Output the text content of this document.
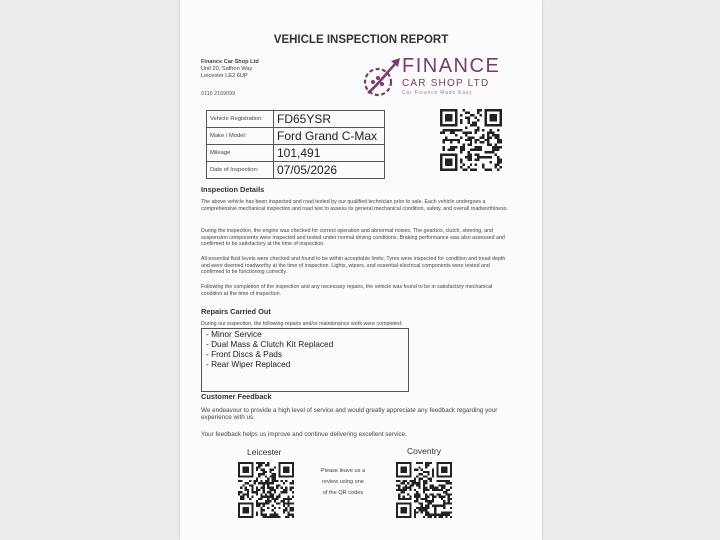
VEHICLE INSPECTION REPORT
Finance Car Shop Ltd
Unit 20, Saffron Way
Leicester LE2 6UP
0116 2169099
FINANCE
CAR SHOP LTD
Car Finance Made Easy
Vehicle Registration:	FD65YSR
Make / Model:	Ford Grand C-Max
Mileage	101,491
Date of Inspection:	07/05/2026
Inspection Details
The above vehicle has been inspected and road tested by our qualified technician prior to sale. Each vehicle undergoes a comprehensive mechanical inspection and road test to assess its general mechanical condition, safety, and overall roadworthiness.
During the inspection, the engine was checked for correct operation and abnormal noises. The gearbox, clutch, steering, and suspension components were inspected and tested under normal driving conditions. Braking performance was also assessed and confirmed to be satisfactory at the time of inspection.
All essential fluid levels were checked and found to be within acceptable limits. Tyres were inspected for condition and tread depth and were deemed roadworthy at the time of inspection. Lights, wipers, and essential electrical components were tested and confirmed to be functioning correctly.
Following the completion of the inspection and any necessary repairs, the vehicle was found to be in satisfactory mechanical condition at the time of inspection.
Repairs Carried Out
During our inspection, the following repairs and/or maintenance work were completed:
- Minor Service
- Dual Mass & Clutch Kit Replaced
- Front Discs & Pads
- Rear Wiper Replaced
Customer Feedback
We endeavour to provide a high level of service and would greatly appreciate any feedback regarding your experience with us.
Your feedback helps us improve and continue delivering excellent service.
Leicester	Coventry
Please leave us a
review using one
of the QR codes
